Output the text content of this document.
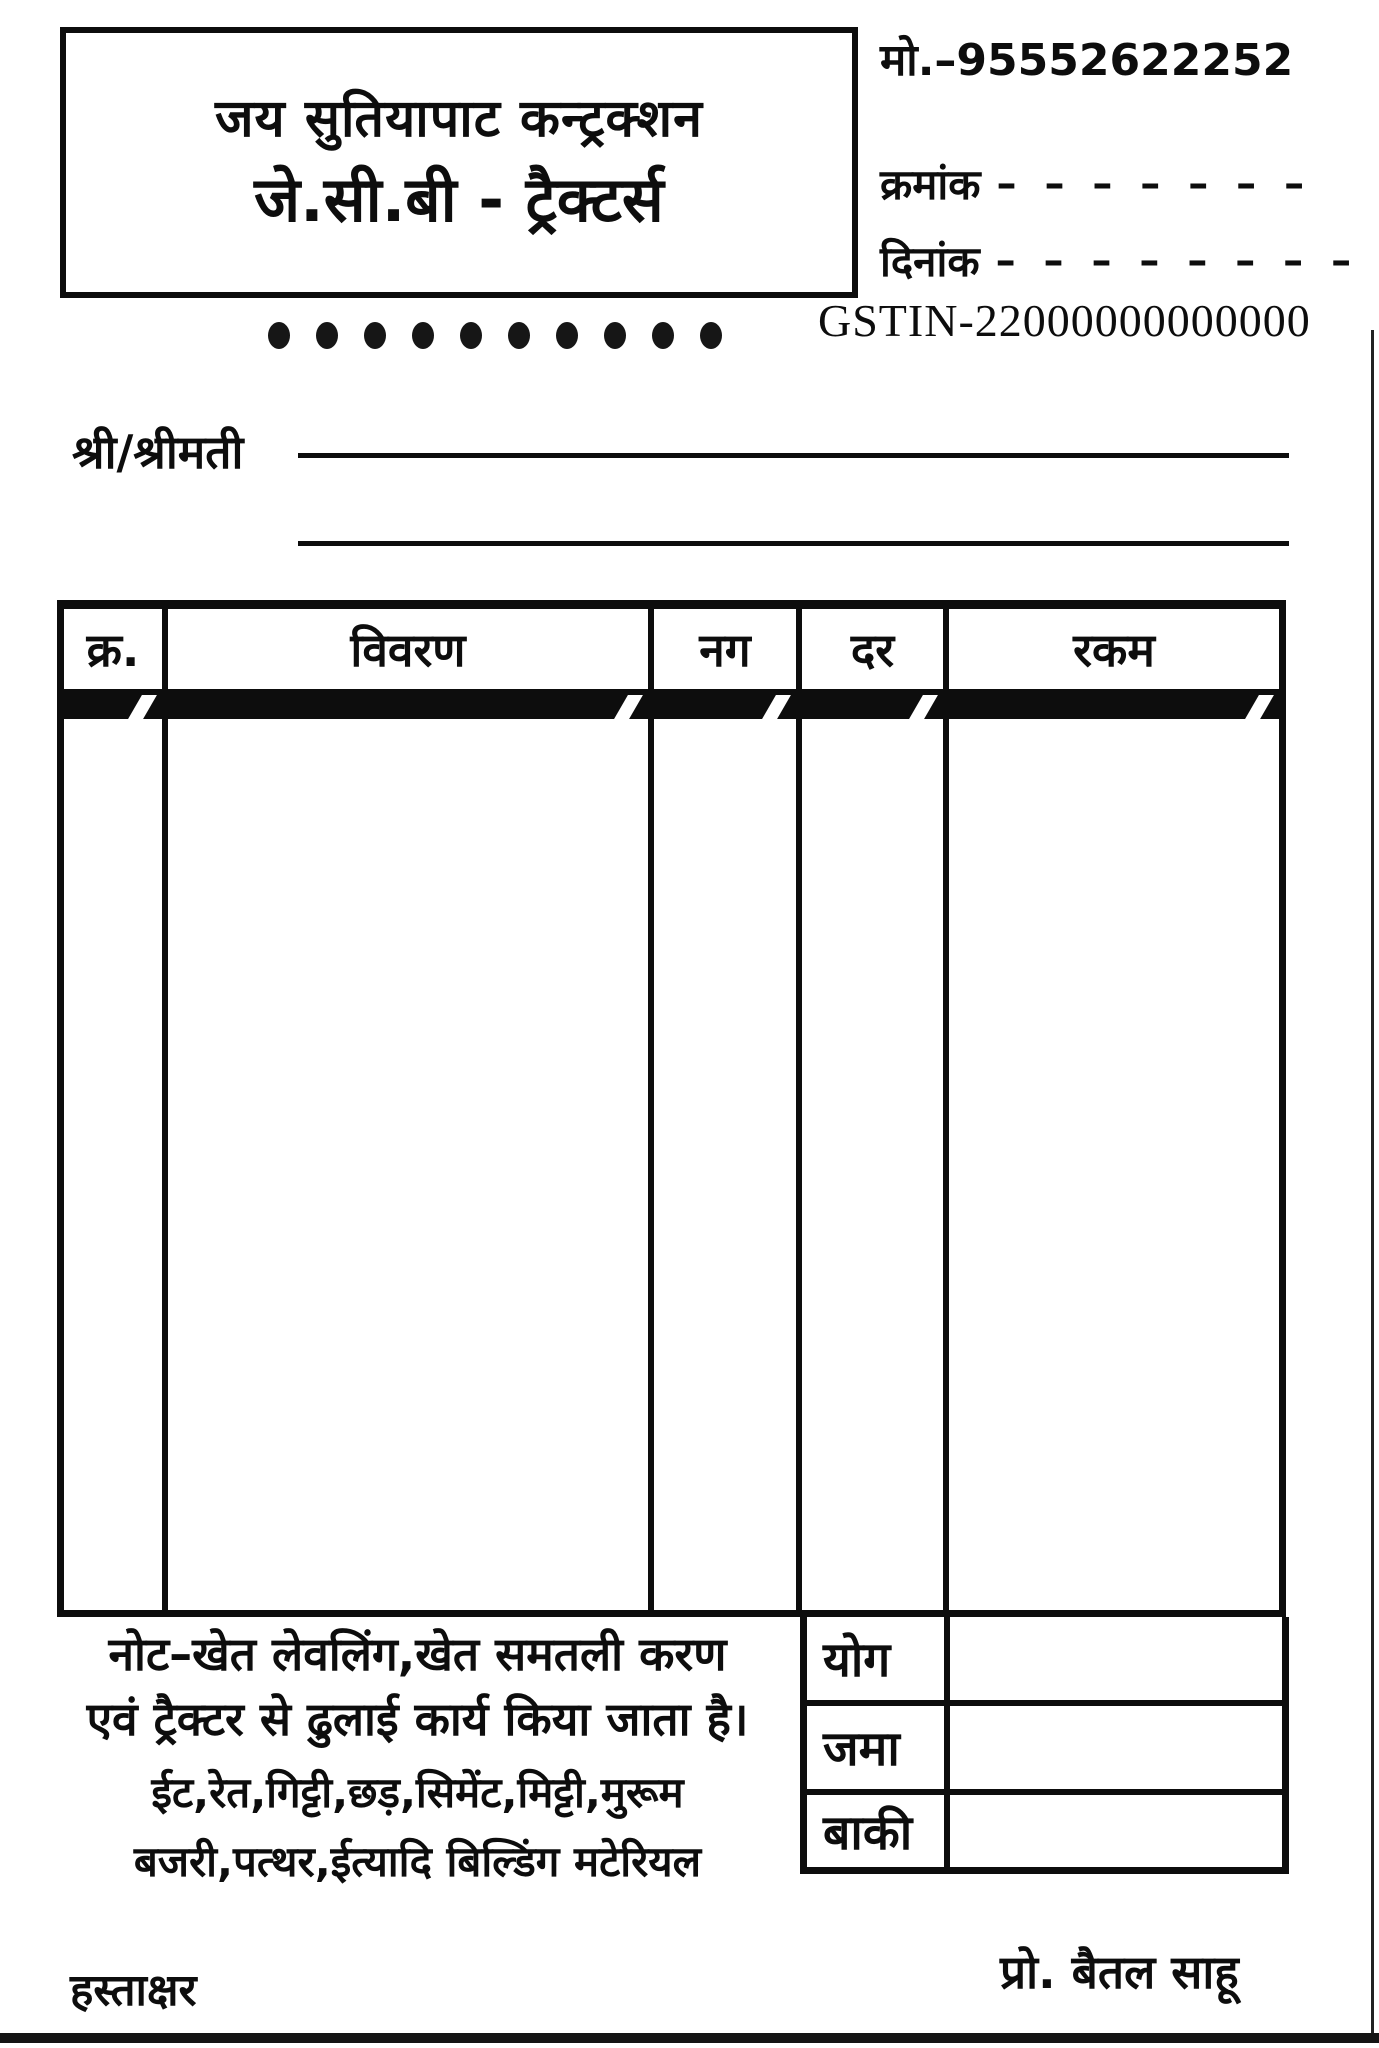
जय सुतियापाट कन्ट्रक्शन
जे.सी.बी - ट्रैक्टर्स
मो.–95552622252
क्रमांक – – – – – – –
दिनांक – – – – – – – –
GSTIN-22000000000000
श्री/श्रीमती
क्र.	विवरण	नग	दर	रकम
नोट–खेत लेवलिंग,खेत समतली करण
एवं ट्रैक्टर से ढुलाई कार्य किया जाता है।
ईट,रेत,गिट्टी,छड़,सिमेंट,मिट्टी,मुरूम
बजरी,पत्थर,ईत्यादि बिल्डिंग मटेरियल
योग
जमा
बाकी
हस्ताक्षर	प्रो. बैतल साहू
